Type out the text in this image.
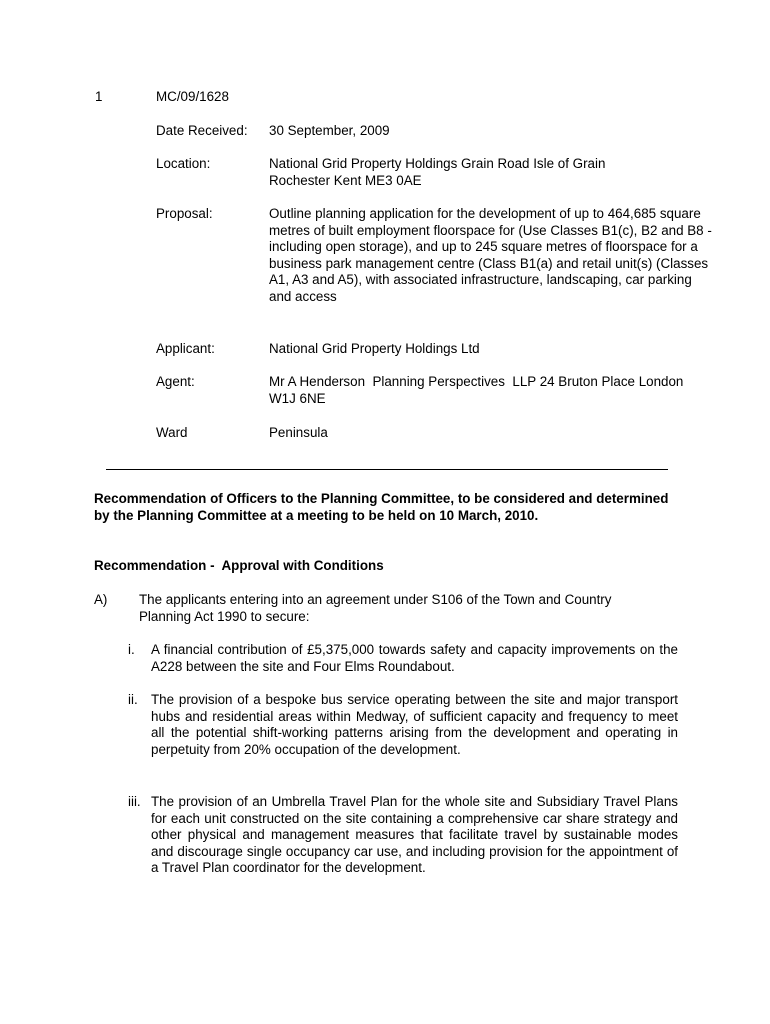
1	MC/09/1628
Date Received: 30 September, 2009
Location:	National Grid Property Holdings Grain Road Isle of Grain Rochester Kent ME3 0AE
Proposal:	Outline planning application for the development of up to 464,685 square metres of built employment floorspace for (Use Classes B1(c), B2 and B8 - including open storage), and up to 245 square metres of floorspace for a business park management centre (Class B1(a) and retail unit(s) (Classes A1, A3 and A5), with associated infrastructure, landscaping, car parking and access
Applicant:	National Grid Property Holdings Ltd
Agent:	Mr A Henderson  Planning Perspectives  LLP 24 Bruton Place London  W1J 6NE
Ward	Peninsula
Recommendation of Officers to the Planning Committee, to be considered and determined by the Planning Committee at a meeting to be held on 10 March, 2010.
Recommendation -  Approval with Conditions
A) The applicants entering into an agreement under S106 of the Town and Country Planning Act 1990 to secure:
i. A financial contribution of £5,375,000 towards safety and capacity improvements on the A228 between the site and Four Elms Roundabout.
ii. The provision of a bespoke bus service operating between the site and major transport hubs and residential areas within Medway, of sufficient capacity and frequency to meet all the potential shift-working patterns arising from the development and operating in perpetuity from 20% occupation of the development.
iii. The provision of an Umbrella Travel Plan for the whole site and Subsidiary Travel Plans for each unit constructed on the site containing a comprehensive car share strategy and other physical and management measures that facilitate travel by sustainable modes and discourage single occupancy car use, and including provision for the appointment of a Travel Plan coordinator for the development.
